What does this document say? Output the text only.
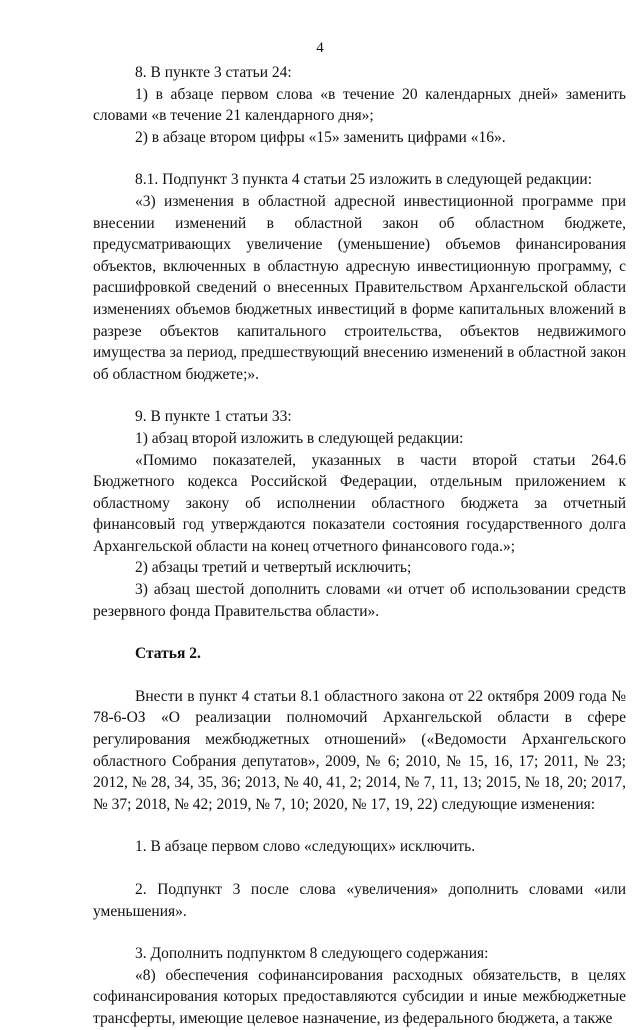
4

8. В пункте 3 статьи 24:

1) в абзаце первом слова «в течение 20 календарных дней» заменить словами «в течение 21 календарного дня»;

2) в абзаце втором цифры «15» заменить цифрами «16».

8.1. Подпункт 3 пункта 4 статьи 25 изложить в следующей редакции:

«3) изменения в областной адресной инвестиционной программе при внесении изменений в областной закон об областном бюджете, предусматривающих увеличение (уменьшение) объемов финансирования объектов, включенных в областную адресную инвестиционную программу, с расшифровкой сведений о внесенных Правительством Архангельской области изменениях объемов бюджетных инвестиций в форме капитальных вложений в разрезе объектов капитального строительства, объектов недвижимого имущества за период, предшествующий внесению изменений в областной закон об областном бюджете;».

9. В пункте 1 статьи 33:

1) абзац второй изложить в следующей редакции:

«Помимо показателей, указанных в части второй статьи 264.6 Бюджетного кодекса Российской Федерации, отдельным приложением к областному закону об исполнении областного бюджета за отчетный финансовый год утверждаются показатели состояния государственного долга Архангельской области на конец отчетного финансового года.»;

2) абзацы третий и четвертый исключить;

3) абзац шестой дополнить словами «и отчет об использовании средств резервного фонда Правительства области».

Статья 2.

Внести в пункт 4 статьи 8.1 областного закона от 22 октября 2009 года № 78-6-ОЗ «О реализации полномочий Архангельской области в сфере регулирования межбюджетных отношений» («Ведомости Архангельского областного Собрания депутатов», 2009, № 6; 2010, № 15, 16, 17; 2011, № 23; 2012, № 28, 34, 35, 36; 2013, № 40, 41, 2; 2014, № 7, 11, 13; 2015, № 18, 20; 2017, № 37; 2018, № 42; 2019, № 7, 10; 2020, № 17, 19, 22) следующие изменения:

1. В абзаце первом слово «следующих» исключить.

2. Подпункт 3 после слова «увеличения» дополнить словами «или уменьшения».

3. Дополнить подпунктом 8 следующего содержания:

«8) обеспечения софинансирования расходных обязательств, в целях софинансирования которых предоставляются субсидии и иные межбюджетные трансферты, имеющие целевое назначение, из федерального бюджета, а также
